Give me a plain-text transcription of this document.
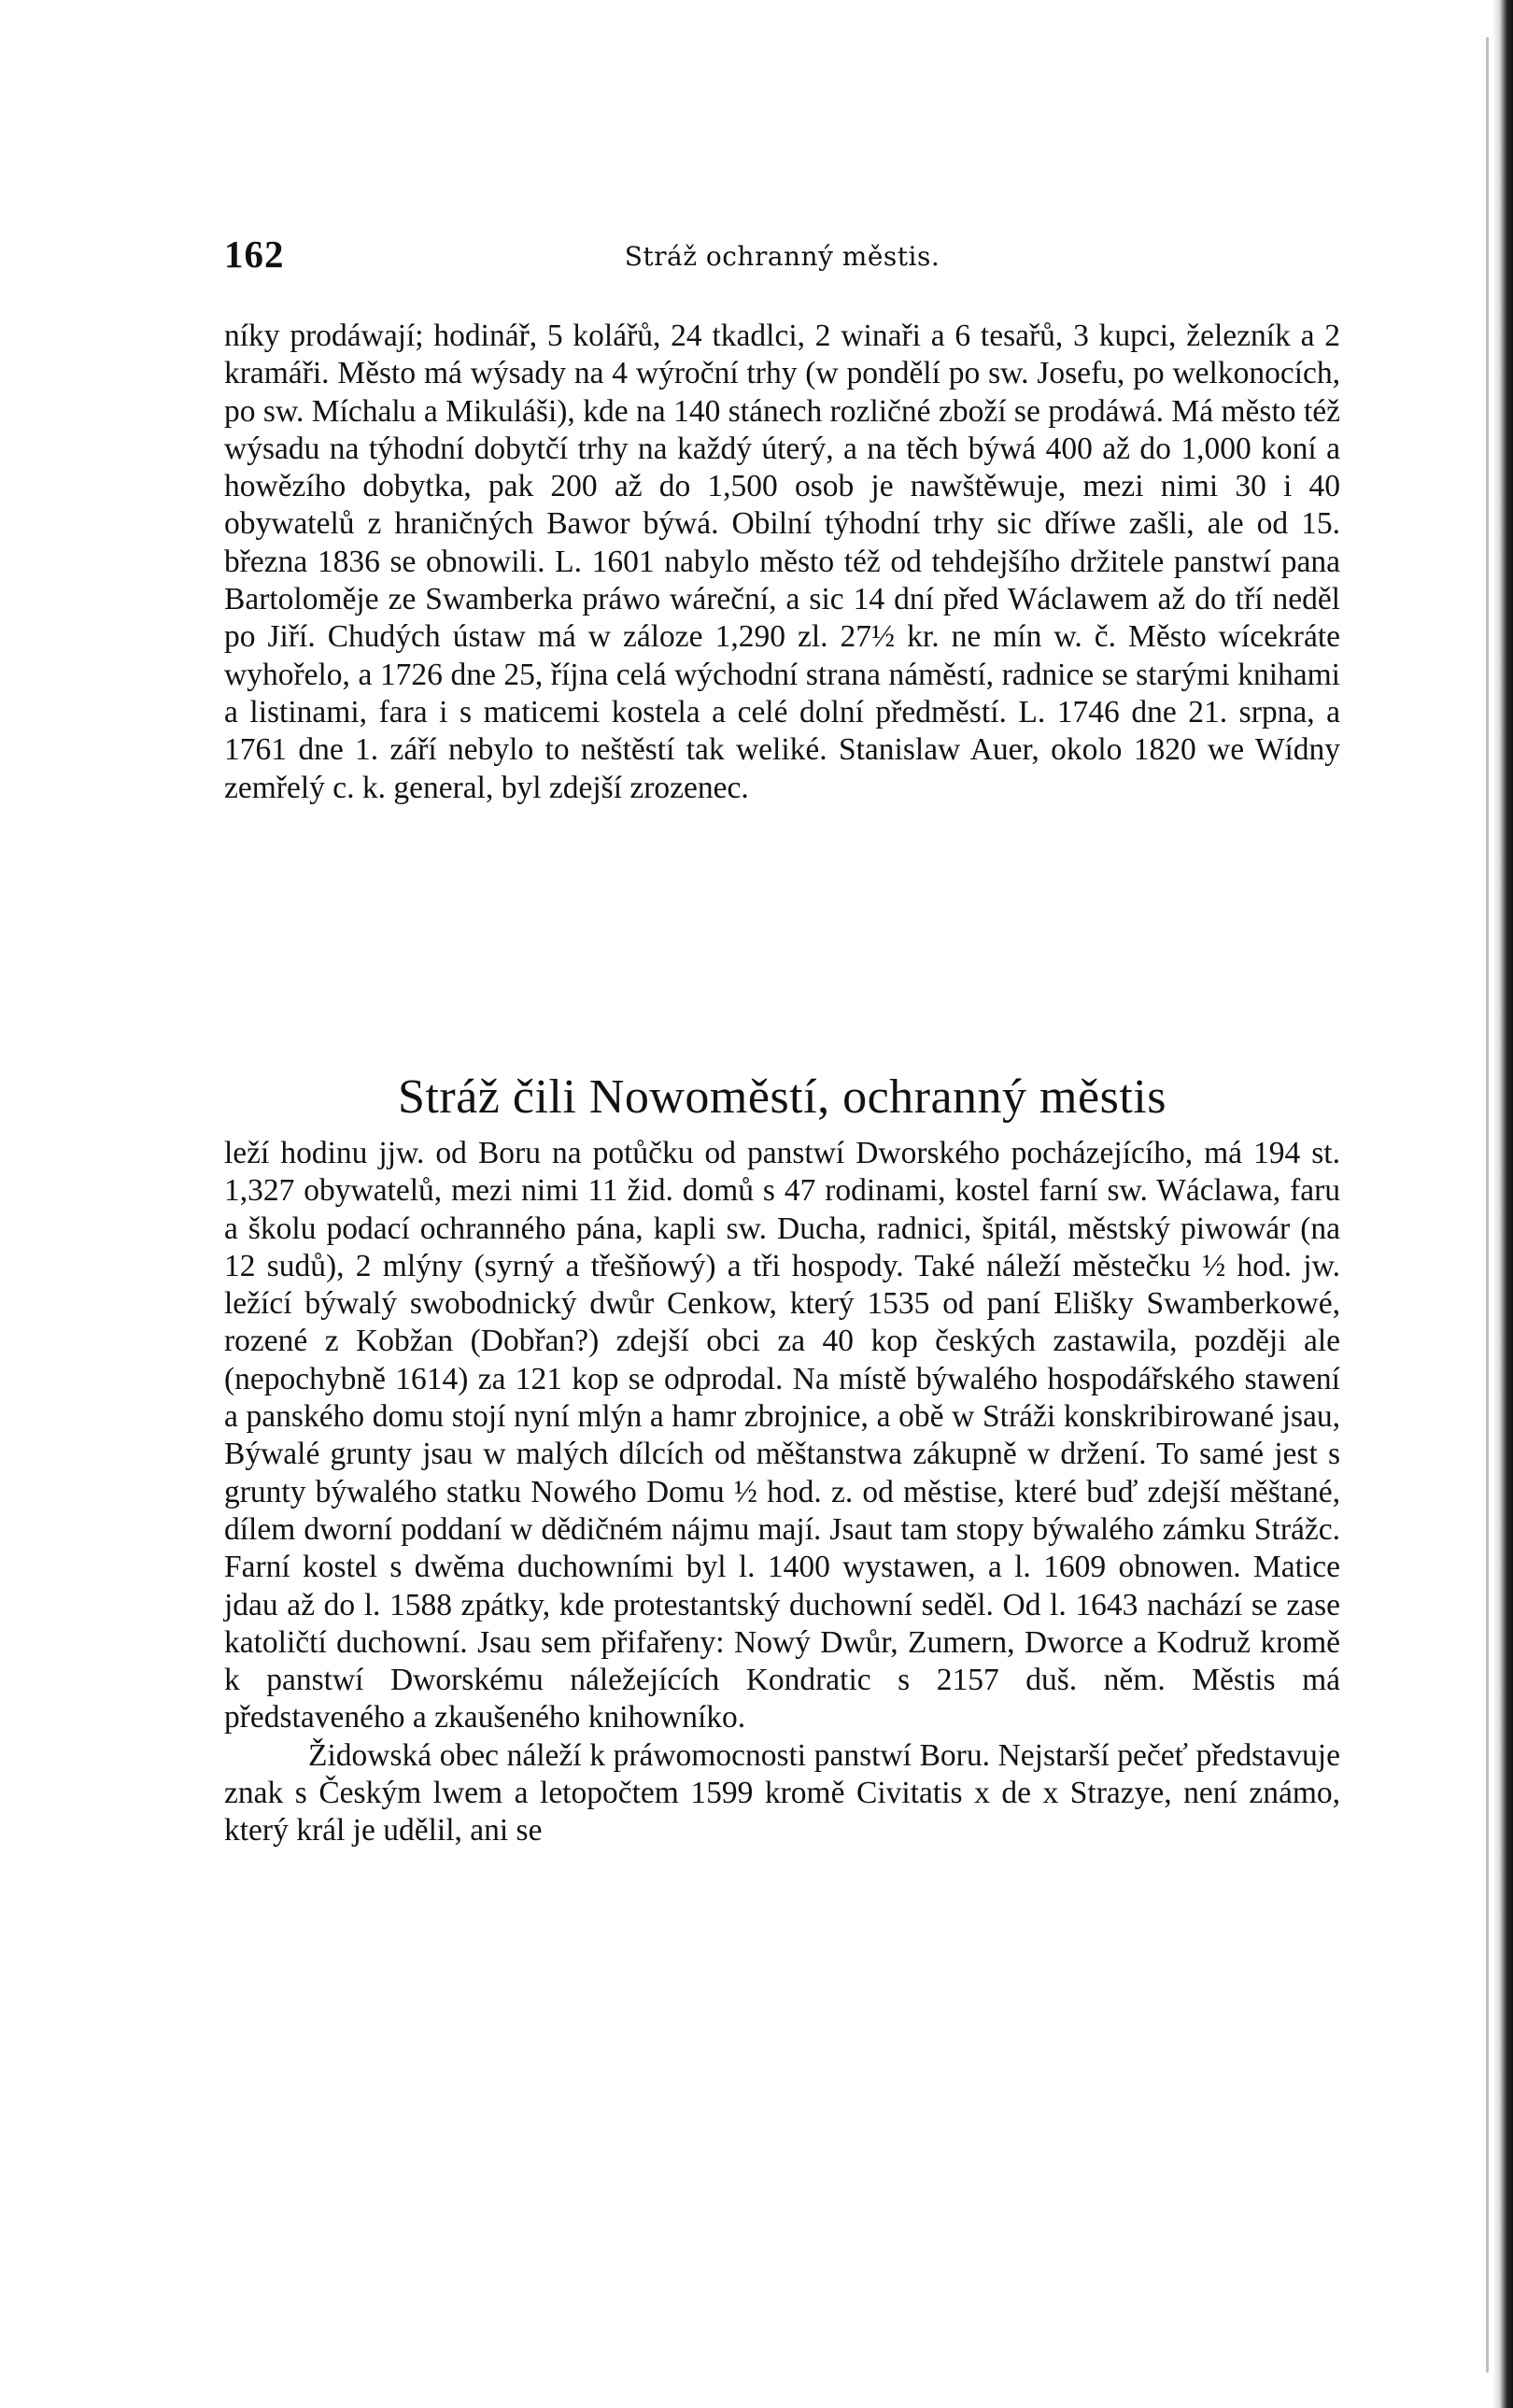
162	Stráž ochranný městis.

níky prodáwají; hodinář, 5 kolářů, 24 tkadlci, 2 winaři a 6 tesařů, 3 kupci, železník a 2 kramáři. Město má wýsady na 4 wýroční trhy (w pondělí po sw. Josefu, po welkonocích, po sw. Míchalu a Mikuláši), kde na 140 stánech rozličné zboží se prodáwá. Má město též wýsadu na týhodní dobytčí trhy na každý úterý, a na těch býwá 400 až do 1,000 koní a howězího dobytka, pak 200 až do 1,500 osob je nawštěwuje, mezi nimi 30 i 40 obywatelů z hraničných Bawor býwá. Obilní týhodní trhy sic dříwe zašli, ale od 15. března 1836 se obnowili. L. 1601 nabylo město též od tehdejšího držitele panstwí pana Bartoloměje ze Swamberka práwo wáreční, a sic 14 dní před Wáclawem až do tří neděl po Jiří. Chudých ústaw má w záloze 1,290 zl. 27½ kr. ne mín w. č. Město wícekráte wyhořelo, a 1726 dne 25, října celá wýchodní strana náměstí, radnice se starými knihami a listinami, fara i s maticemi kostela a celé dolní předměstí. L. 1746 dne 21. srpna, a 1761 dne 1. září nebylo to neštěstí tak weliké. Stanislaw Auer, okolo 1820 we Wídny zemřelý c. k. general, byl zdejší zrozenec.

Stráž čili Nowoměstí, ochranný městis

leží hodinu jjw. od Boru na potůčku od panstwí Dworského pocházejícího, má 194 st. 1,327 obywatelů, mezi nimi 11 žid. domů s 47 rodinami, kostel farní sw. Wáclawa, faru a školu podací ochranného pána, kapli sw. Ducha, radnici, špitál, městský piwowár (na 12 sudů), 2 mlýny (syrný a třešňowý) a tři hospody. Také náleží městečku ½ hod. jw. ležící býwalý swobodnický dwůr Cenkow, který 1535 od paní Elišky Swamberkowé, rozené z Kobžan (Dobřan?) zdejší obci za 40 kop českých zastawila, později ale (nepochybně 1614) za 121 kop se odprodal. Na místě býwalého hospodářského stawení a panského domu stojí nyní mlýn a hamr zbrojnice, a obě w Stráži konskribirowané jsau, Býwalé grunty jsau w malých dílcích od měštanstwa zákupně w držení. To samé jest s grunty býwalého statku Nowého Domu ½ hod. z. od městise, které buď zdejší měštané, dílem dworní poddaní w dědičném nájmu mají. Jsaut tam stopy býwalého zámku Strážc. Farní kostel s dwěma duchowními byl l. 1400 wystawen, a l. 1609 obnowen. Matice jdau až do l. 1588 zpátky, kde protestantský duchowní seděl. Od l. 1643 nachází se zase katoličtí duchowní. Jsau sem přifařeny: Nowý Dwůr, Zumern, Dworce a Kodruž kromě k panstwí Dworskému náležejících Kondratic s 2157 duš. něm. Městis má představeného a zkaušeného knihowníko.

Židowská obec náleží k práwomocnosti panstwí Boru. Nejstarší pečeť představuje znak s Českým lwem a letopočtem 1599 kromě Civitatis x de x Strazye, není známo, který král je udělil, ani se
